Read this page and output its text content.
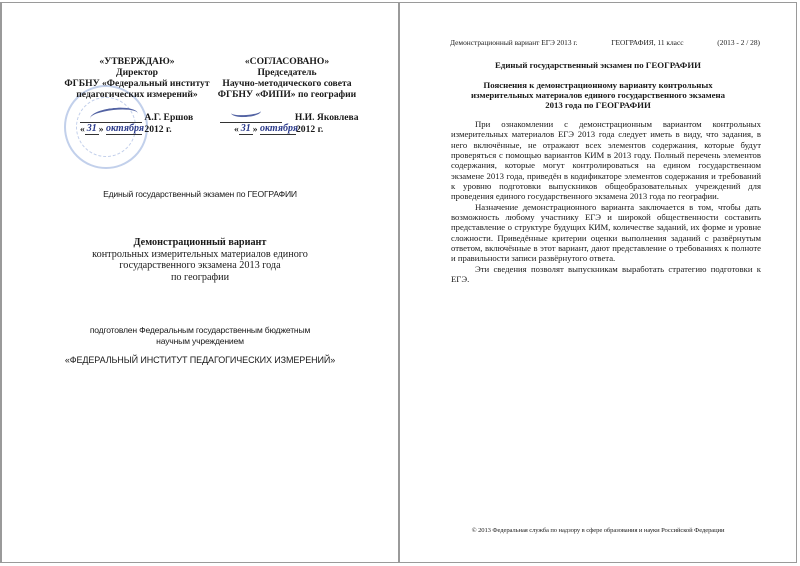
«УТВЕРЖДАЮ»
Директор
ФГБНУ «Федеральный институт
педагогических измерений»
А.Г. Ершов
« 31 » октября 2012 г.
«СОГЛАСОВАНО»
Председатель
Научно-методического совета
ФГБНУ «ФИПИ» по географии
Н.И. Яковлева
« 31 » октября2012 г.
Единый государственный экзамен по ГЕОГРАФИИ
Демонстрационный вариант
контрольных измерительных материалов единого
государственного экзамена 2013 года
по географии
подготовлен Федеральным государственным бюджетным
научным учреждением
«ФЕДЕРАЛЬНЫЙ ИНСТИТУТ ПЕДАГОГИЧЕСКИХ ИЗМЕРЕНИЙ»
Демонстрационный вариант ЕГЭ 2013 г.	ГЕОГРАФИЯ, 11 класс	(2013 - 2 / 28)
Единый государственный экзамен по ГЕОГРАФИИ
Пояснения к демонстрационному варианту контрольных
измерительных материалов единого государственного экзамена
2013 года по ГЕОГРАФИИ

При ознакомлении с демонстрационным вариантом контрольных измерительных материалов ЕГЭ 2013 года следует иметь в виду, что задания, в него включённые, не отражают всех элементов содержания, которые будут проверяться с помощью вариантов КИМ в 2013 году. Полный перечень элементов содержания, которые могут контролироваться на едином государственном экзамене 2013 года, приведён в кодификаторе элементов содержания и требований к уровню подготовки выпускников общеобразовательных учреждений для проведения единого государственного экзамена 2013 года по географии.

Назначение демонстрационного варианта заключается в том, чтобы дать возможность любому участнику ЕГЭ и широкой общественности составить представление о структуре будущих КИМ, количестве заданий, их форме и уровне сложности. Приведённые критерии оценки выполнения заданий с развёрнутым ответом, включённые в этот вариант, дают представление о требованиях к полноте и правильности записи развёрнутого ответа.

Эти сведения позволят выпускникам выработать стратегию подготовки к ЕГЭ.

© 2013 Федеральная служба по надзору в сфере образования и науки Российской Федерации
